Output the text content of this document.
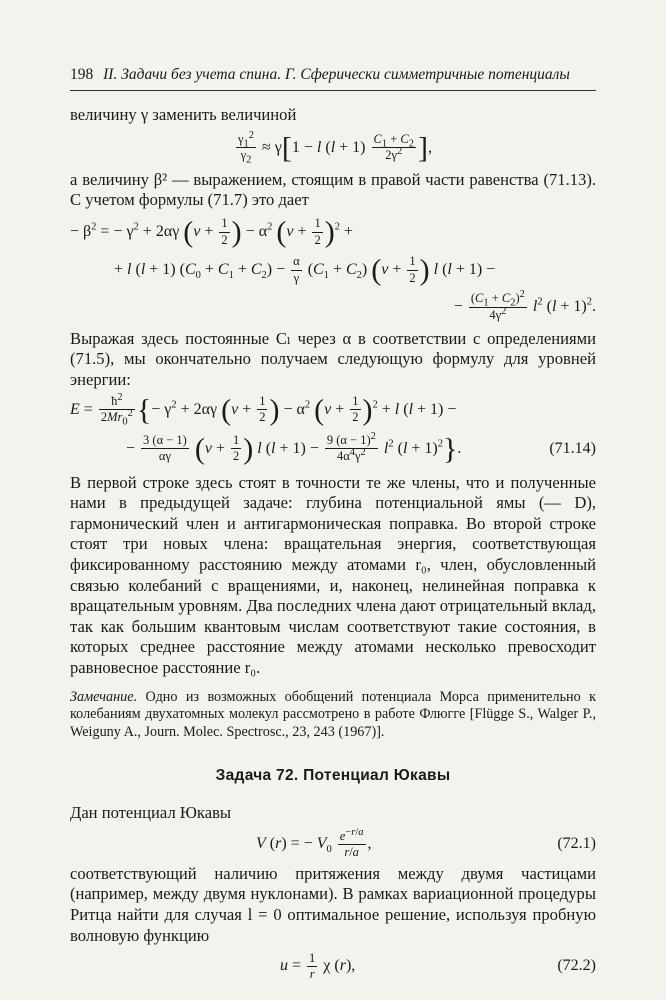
198 II. Задачи без учета спина. Г. Сферически симметричные потенциалы

величину γ заменить величиной

$\frac{\gamma_1^2}{\gamma_2} \approx \gamma[1 - l$ $(l + 1) \frac{C_1 + C_2}{2\gamma^2}$ ],

а величину β² — выражением, стоящим в правой части равенства (71.13). С учетом формулы (71.7) это дает

− $\beta^2$ = − $\gamma^2 + 2\alpha\gamma$ ($v + \frac{1}{2}$ ) − $\alpha^2$ $(v + \frac{1}{2} )^2$ +
+ l (l + 1) $(C_0 + C_1 + C_2) - \frac{\alpha}{\gamma} (C_1 + C_2) (v + \frac{1}{2}$ ) l (l + 1) −
− $\frac{(C_1 + C_2)^2}{4\gamma^2} l^2$ $(l + 1)^2$.

Выражая здесь постоянные Cₗ через α в соответствии с определениями (71.5), мы окончательно получаем следующую формулу для уровней энергии:

$E = \frac{ħ^2}{2Mr_0^2}$ {− $\gamma^2 + 2\alpha\gamma$ ($v + \frac{1}{2}$ ) − $\alpha^2$ $(v + \frac{1}{2} )^2 + l$ (l + 1) −
− $\frac{3 (\alpha - 1)}{\alpha\gamma} (v + \frac{1}{2}$ ) l $(l + 1) - \frac{9 (\alpha - 1)^2}{4\alpha^4\gamma^2} l^2$ $(l + 1)^2$}.	(71.14)

В первой строке здесь стоят в точности те же члены, что и полученные нами в предыдущей задаче: глубина потенциальной ямы (— D), гармонический член и антигармоническая поправка. Во второй строке стоят три новых члена: вращательная энергия, соответствующая фиксированному расстоянию между атомами r₀, член, обусловленный связью колебаний с вращениями, и, наконец, нелинейная поправка к вращательным уровням. Два последних члена дают отрицательный вклад, так как большим квантовым числам соответствуют такие состояния, в которых среднее расстояние между атомами несколько превосходит равновесное расстояние r₀.

Замечание. Одно из возможных обобщений потенциала Морса применительно к колебаниям двухатомных молекул рассмотрено в работе Флюгге [Flügge S., Walger P., Weiguny A., Journ. Molec. Spectrosc., 23, 243 (1967)].
Задача 72. Потенциал Юкавы

Дан потенциал Юкавы

V (r) = − $V_0 \frac{e^{-r/a}}{r/a}$ ,	(72.1)

соответствующий наличию притяжения между двумя частицами (например, между двумя нуклонами). В рамках вариационной процедуры Ритца найти для случая l = 0 оптимальное решение, используя пробную волновую функцию

$u = \frac{1}{r}$ χ (r),	(72.2)
